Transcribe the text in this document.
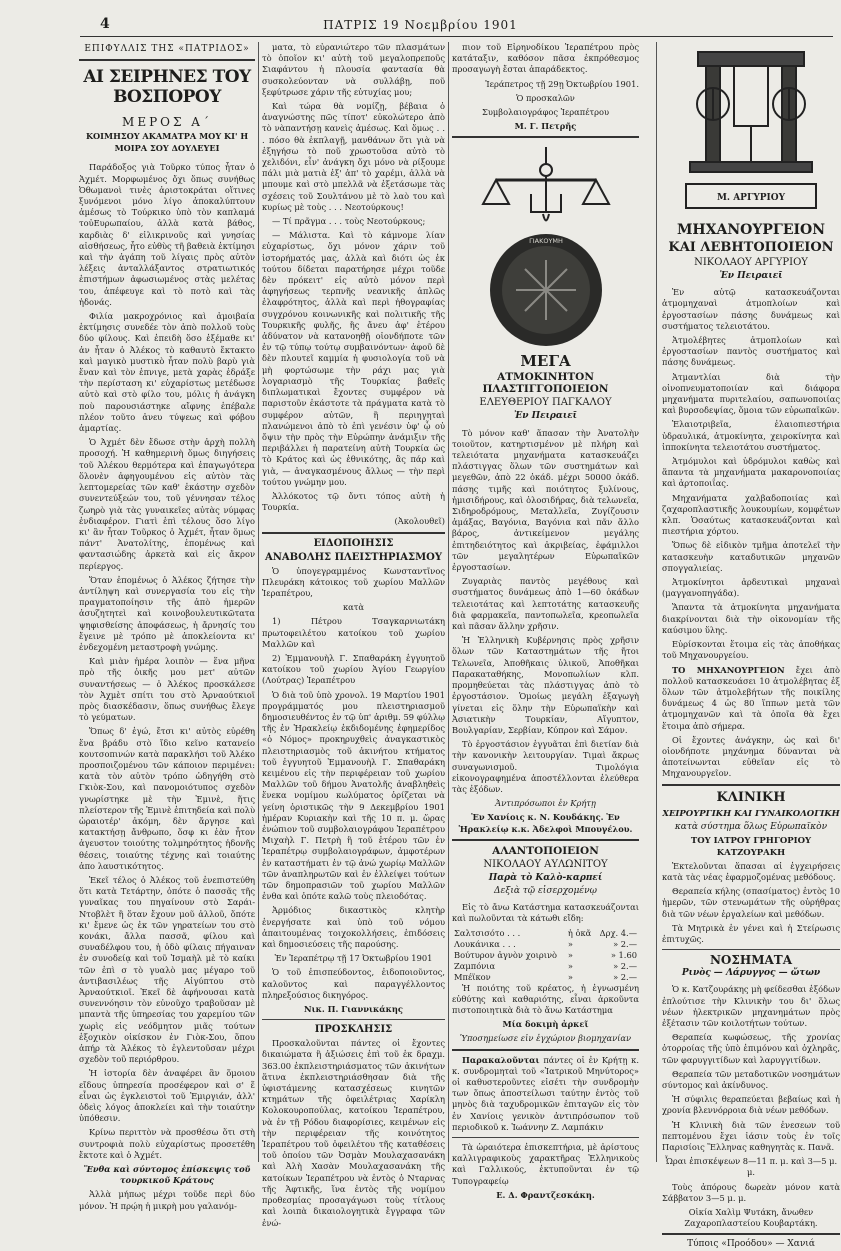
4	ΠΑΤΡΙΣ 19 Νοεμβρίου 1901
ΕΠΙΦΥΛΛΙΣ ΤΗΣ «ΠΑΤΡΙΔΟΣ»
ΑΙ ΣΕΙΡΗΝΕΣ ΤΟΥ ΒΟΣΠΟΡΟΥ
ΜΕΡΟΣ Α΄
ΚΟΙΜΗΣΟΥ ΑΚΑΜΑΤΡΑ ΜΟΥ ΚΙ' Η ΜΟΙΡΑ ΣΟΥ ΔΟΥΛΕΥΕΙ

Παράδοξος γιὰ Τοῦρκο τύπος ἦταν ὁ Ἀχμέτ. Μορφωμένος ὄχι ὅπως συνήθως Ὀθωμανοὶ τινὲς ἀριστοκράται οἵτινες ξυνόμενοι μόνο λίγο ἀποκαλύπτουν ἀμέσως τὸ Τούρκικο ὑπὸ τὸν καπλαμά τοὐΕυρωπαίου, ἀλλὰ κατὰ βάθος, καρδιὰς δ' εἰλικρινοῦς καὶ γνησίας αἰσθήσεως, ἦτο εὐθὺς τῆ βαθειὰ ἐκτίμησι καὶ τὴν ἀγάπη τοῦ λίγαις πρὸς αὐτὸν λέξεις ἀνταλλάξαντος στρατιωτικός ἐπιστήμων ἀφωσιωμένος στὰς μελέτας του, ἀπέφευγε καὶ τὸ ποτὸ καὶ τὰς ἡδονάς.

Φιλία μακροχρόνιος καὶ ἀμοιβαία ἐκτίμησις συνεδέε τὸν ἀπὸ πολλοῦ τοὺς δύο φίλους. Καὶ ἐπειδὴ ὅσο ἐξέμαθε κι' ἀν ἦταν ὁ Ἀλέκος τὸ καθαυτὸ ἔκτακτο καὶ μαγικὸ μυστικὸ ἦταν πολὺ βαρὺ γιὰ ἕναν καὶ τὸν ἐπνιγε, μετὰ χαρὰς ἐδράξε τὴν περίσταση κι' εὐχαρίστως μετέδωσε αὐτὸ καὶ στὸ φίλο του, μόλις ἡ ἀνάγκη ποὺ παρουσιάστηκε αἴφνης ἐπέβαλε πλέον τοῦτο ἀνευ τύψεως καὶ φόβου ἀμαρτίας.

Ὁ Ἀχμέτ δὲν ἔδωσε στὴν ἀρχὴ πολλὴ προσοχή. Ἡ καθημερινὴ ὅμως διηγήσεις τοῦ Ἀλέκου θερμότερα καὶ ἐπαγωγότερα ὅλονὲν ἀφηγουμένου εἰς αὐτὸν τὰς λεπτομερείας τῶν καθ' ἑκάστην σχεδὸν συνεντεύξεών του, τοῦ γέννησαν τέλος ζωηρὸ γιὰ τὰς γυναικεῖες αὐτὰς νύμφας ἐνδιαφέρον. Γιατὶ ἐπὶ τέλους ὅσο λίγο κι' ἂν ἦταν Τοῦρκος ὁ Ἀχμέτ, ἦταν ὅμως πάντ' Ἀνατολίτης, ἑπομένως καὶ φαντασιώδης ἀρκετὰ καὶ εἰς ἄκρον περίεργος.

Ὅταν ἐπομένως ὁ Ἀλέκος ζήτησε τὴν ἀντίληψη καὶ συνεργασία του εἰς τὴν πραγματοποίησιν τῆς ἀπὸ ἡμερῶν ἀσυζητητεὶ καὶ κοινοβουλευτικῶτατα ψηφισθείσης ἀποφάσεως, ἡ ἄρνησίς του ἔγεινε μὲ τρόπο μὲ ἀποκλείοντα κι' ἐνδεχομένη μεταστροφὴ γνώμης.

Καὶ μιὰν ἡμέρα λοιπὸν — ἕνα μῆνα πρὸ τῆς ὁικῆς μου μετ' αὐτῶν συναντήσεως — ὁ Ἀλέκος προσκάλεσε τὸν Ἀχμὲτ σπίτι του στὸ Ἀρναούτκιοϊ πρὸς διασκέδασιν, ὅπως συνήθως ἔλεγε τὸ γεύματων.

Ὅπως δ' ἐγώ, ἔτσι κι' αὐτὸς εὑρέθη ἕνα βράδυ στὸ ἴδιο κεῖνο κατανείο κουτσοπινών κατὰ παρακλήσι τοῦ Ἀλέκο προσποιζομένου τῶν κάποιον περιμένει: κατὰ τὸν αὐτὸν τρόπο ὡδηγήθη στὸ Γκιὸκ-Σου, καὶ πανομοιότυπος σχεδὸν γνωρίστηκε μὲ τὴν Ἐμινὲ, ἥτις πλείστερον τῆς Ἐμινὲ ἐπιτηδεία καὶ πολὺ ὡραιοτέρ' ἀκόμη, δὲν ἄργησε καὶ κατακτήσῃ ἄνθρωπο, ὅσφ κι ἐὰν ἦτον ἀγευστον τοιούτης τολμηρότητος ἡδονῆς θέσεις, τοιαύτης τέχνης καὶ τοιαύτης ἀπο λαυστικότητος.

Ἐκεῖ τέλος ὁ Ἀλέκος τοῦ ἐνεπιστεύθη ὅτι κατὰ Τετάρτην, ὁπότε ὁ πασσᾶς τῆς γυναῖκας του πηγαίνουν στὸ Σαράι-Ντοβλὲτ ἢ ὅταν ἔχουν μοῦ ἀλλοῦ, ὅπότε κι' ἔμενε ὡς ἐκ τῶν γηρατείων του στὸ κονάκι, ἄλλα πασσᾶ, φίλου καὶ συναδέλφου του, ἡ ὁδὸ φίλαις πήγαιναν ἐν συνοδείᾳ καὶ τοῦ Ἰσμαὴλ μὲ τὸ καίκι τῶν ἐπὶ σ τὸ γυαλὸ μας μέγαρο τοῦ ἀντιβασιλέως τῆς Αἰγύπτου στὸ Ἀρναούτκιοϊ. Ἐκεῖ δὲ ἀφήνουσαι κατὰ συνεννόησιν τὸν εὐνοῦχο τραβοῦσαν μὲ μπαντὰ τῆς ὑπηρεσίας του χαρεμίου τῶν χωρὶς εἰς νεόδμητον μιᾶς τούτων ἐξοχικὸν οἰκίσκον ἐν Γιὸκ-Σου, ὅπου ἀπήρ τὰ Ἀλέκος τὸ ἐγλεντοῦσαν μέχρι σχεδὸν τοῦ περιόρθρου.

Ἡ ἱστορία δὲν ἀναφέρει ἂν ὅμοιου εἴδους ὑπηρεσία προσέφερον καὶ σ' ἕ εἶναι ὡς ἐγκλειστοὶ τοῦ Ἐμιργιάν, ἀλλ' ὁδεὶς λόγος ἀποκλείει καὶ τὴν τοιαύτην ὑπόθεσιν.

Κρίνω περιττὸν νὰ προσθέσω ὅτι στὴ συντροφιὰ πολὺ εὐχαρίστως προσετέθη ἔκτοτε καὶ ὁ Ἀχμέτ.

Ἕνθα καὶ σύντομος ἐπίσκεψις τοῦ τουρκικοῦ Κράτους

Ἀλλὰ μήπως μέχρι τοῦδε περὶ δύο μόνον. Ἡ πρῴη ἡ μικρὴ μου γαλανόμ-

ματα, τὸ εὐρανιώτερο τῶν πλασμάτων τὸ ὁποῖον κι' αὐτὴ τοῦ μεγαλοπρεποῦς Σιαφάντου ἡ πλουσία φαντασία θὰ συσκολεύονταν νὰ συλλάβῃ, ποῦ ξεφύτρωσε χάριν τῆς εὐτυχίας μου;

Καὶ τώρα θὰ νομίζῃ, βέβαια ὁ ἀναγνώστης πῶς τίποτ' εὐκολώτερο ἀπὸ τὸ νὰπαντήσῃ κανεὶς ἀμέσως. Καὶ ὅμως . . . πόσο θὰ ἐκπλαγῇ, μανθάνων ὅτι γιὰ νὰ ἐξηγήσω τὸ ποῦ χρωστοῦσα αὐτὸ τὸ χελιδόνι, εἶν' ἀνάγκη ὄχι μόνο νὰ ρίξουμε πάλι μιὰ ματιὰ ἐξ' ἀπ' τὸ χαρέμι, ἀλλὰ νὰ μπουμε καὶ στὸ μπελλᾶ νὰ ἐξετάσωμε τὰς σχέσεις τοῦ Σουλτάνου μὲ τὸ λαὸ του καὶ κυρίως μὲ τοὺς . . . Νεοτούρκους!

— Τί πρᾶγμα . . . τοὺς Νεοτούρκους;

— Μάλιστα. Καὶ τὸ κάμνομε λίαν εὐχαρίστως, ὄχι μόνον χάριν τοῦ ἱστορήματός μας, ἀλλὰ καὶ διότι ὡς ἐκ τούτου δίδεται παρατήρησε μέχρι τοῦδε δὲν πρόκειτ' εἰς αὐτὸ μόνον περὶ ἀφηγήσεως τερπνῆς νεανικῆς ἁπλῶς ἐλαφρότητος, ἀλλὰ καὶ περὶ ἠθογραφίας συγχρόνου κοινωνικῆς καὶ πολιτικῆς τῆς Τουρκικῆς φυλῆς, ἢς ἄνευ ἀφ' ἑτέρου ἀδύνατον νὰ κατανοηθῇ οἰονδήποτε τῶν ἐν τῷ τύπῳ τούτῳ συμβαινόντων· ἀφοῦ δὲ δὲν πλουτεῖ καμμία ἡ φυσιολογία τοῦ νὰ μὴ φορτώσωμε τὴν ράχι μας γιὰ λογαριασμὸ τῆς Τουρκίας βαθεῖς διπλωματικαὶ ἔχοντες συμφέρον νὰ παριστοῦν ἐκάστοτε τὰ πράγματα κατὰ τὸ συμφέρον αὐτῶν, ἢ περιηγηταὶ πλανώμενοι ἀπὸ τὸ ἐπὶ γενέσιν ὑφ' ᾧ οὐ ὄψιν τὴν πρὸς τὴν Εὐρώπην ἀνάμιξιν τῆς περιβάλλει ἡ παρατείνη αὐτὴ Τουρκία ὡς τὸ Κράτος καὶ ὡς ἐθνικότης, ἂς πάρ καὶ γιὰ, — ἀναγκασμένους ἄλλως — τὴν περὶ τούτου γνώμην μου.

Ἀλλόκοτος τῷ ὄντι τόπος αὐτὴ ἡ Τουρκία.

(Ἀκολουθεῖ)

ΕΙΔΟΠΟΙΗΣΙΣ
ΑΝΑΒΟΛΗΣ ΠΛΕΙΣΤΗΡΙΑΣΜΟΥ

Ὁ ὑπογεγραμμένος Κωνσταντῖνος Πλευράκη κάτοικος τοῦ χωρίου Μαλλῶν Ἱεραπέτρου,

κατὰ

1) Πέτρου Τσαγκαρνιωτάκη πρωτοφειλέτου κατοίκου τοῦ χωρίου Μαλλῶν καὶ

2) Ἐμμανουὴλ Γ. Σπαθαράκη ἐγγυητοῦ κατοίκου τοῦ χωρίου Ἁγίου Γεωργίου (Λούτρας) Ἱεραπέτρου

Ὁ διὰ τοῦ ὑπὸ χρονολ. 19 Μαρτίου 1901 προγράμματός μου πλειστηριασμοῦ δημοσιευθέντος ἐν τῷ ὑπ' ἀριθμ. 59 φύλλῳ τῆς ἐν Ἡρακλείῳ ἐκδιδομένης ἐφημερίδος «ὁ Νόμος» προκηρυχθεὶς ἀναγκαστικὸς πλειστηριασμὸς τοῦ ἀκινήτου κτήματος τοῦ ἐγγυητοῦ Ἐμμανουὴλ Γ. Σπαθαράκη κειμένου εἰς τὴν περιφέρειαν τοῦ χωρίου Μαλλῶν τοῦ δήμου Ἀνατολῆς ἀναβληθεὶς ἕνεκα νομίμου κωλύματος ὁρίζεται νὰ γείνη ὁριστικῶς τὴν 9 Δεκεμβρίου 1901 ἡμέραν Κυριακὴν καὶ τῆς 10 π. μ. ὥρας ἐνώπιον τοῦ συμβολαιογράφου Ἱεραπέτρου Μιχαὴλ Γ. Πετρὴ ἢ τοῦ ἑτέρου τῶν ἐν Ἱεραπέτρῳ συμβολαιογράφων, ἀμφοτέρων ἐν καταστήματι ἐν τῷ ἀνώ χωρίῳ Μαλλῶν τῶν ἀναπληρωτῶν καὶ ἐν ἐλλείψει τούτων τῶν δημοπρασιῶν τοῦ χωρίου Μαλλῶν ἐνθα καὶ ὁπότε καλῶ τοὺς πλειοδότας.

Ἀρμόδιος δικαστικὸς κλητὴρ ἐνεργήσατε καὶ ὑπὸ τοῦ νόμου ἀπαιτουμένας τοιχοκολλήσεις, ἐπιδόσεις καὶ δημοσιεύσεις τῆς παρούσης.

Ἐν Ἱεραπέτρῳ τῇ 17 Ὀκτωβρίου 1901

Ὁ τοῦ ἐπισπεύδοντος, ἐιδοποιοῦντος, καλοῦντος καὶ παραγγέλλοντος πληρεξούσιος δικηγόρος.

Νικ. Π. Γιαννικάκης

ΠΡΟΣΚΛΗΣΙΣ

Προσκαλοῦνται πάντες οἱ ἔχοντες δικαιώματα ἢ ἀξιώσεις ἐπὶ τοῦ ἐκ δραχμ. 363.00 ἐκπλειστηριάσματος τῶν ἀκινήτων ἅτινα ἐκπλειστηριάσθησαν διὰ τῆς ὑφιστάμενης κατασχέσεως κινητῶν κτημάτων τῆς ὀφειλέτριας Χαρίκλη Κολοκουροπούλας, κατοίκου Ἱεραπέτρου, νὰ ἐν τῇ Ρόδου διαφορίσιες, κειμένων εἰς τὴν περιφέρειαν τῆς κοινότητος Ἱεραπέτρου τοῦ ὀφειλέτου τῆς καταθέσεις τοῦ ὁποίου τῶν Ὀσμὰν Μουλαχασανάκη καὶ Ἀλὴ Χασὰν Μουλαχασανάκη τῆς κατοίκων Ἱεραπέτρου νὰ ἐντὸς ὁ Νταρνας τῆς Ἀφτικῆς, ἵνα ἐντὸς τῆς νομίμου προθεσμίας προσαγάγωσι τοὺς τίτλους καὶ λοιπὰ δικαιολογητικὰ ἔγγραφα τῶν ἐνώ-

πιον τοῦ Εἰρηνοδίκου Ἱεραπέτρου πρὸς κατάταξιν, καθόσον πᾶσα ἐκπρόθεσμος προσαγωγὴ ἔσται ἀπαράδεκτος.

Ἱεράπετρος τῇ 29ῃ Ὀκτωβρίου 1901.

Ὁ προσκαλῶν

Συμβολαιογράφος Ἱεραπέτρου

Μ. Γ. Πετρῆς

ΓΙΑΚΟΥΜΗ
ΜΕΓΑ
ΑΤΜΟΚΙΝΗΤΟΝ ΠΛΑΣΤΙΓΓΟΠΟΙΕΙΟΝ
ΕΛΕΥΘΕΡΙΟΥ ΠΑΓΚΑΛΟΥ
Ἐν Πειραιεῖ

Τὸ μόνον καθ' ἅπασαν τὴν Ἀνατολὴν τοιοῦτον, κατηρτισμένον μὲ πλήρη καὶ τελειότατα μηχανήματα κατασκευάζει πλάστιγγας ὅλων τῶν συστημάτων καὶ μεγεθῶν, ἀπὸ 22 ὀκάδ. μέχρι 50000 ὀκάδ. πάσης τιμῆς καὶ ποιότητος ξυλίνους, ἡμισιδήρους, καὶ ὁλοσιδήρας, διὰ τελωνεῖα, Σιδηροδρόμους, Μεταλλεῖα, Ζυγίζουσιν ἁμάξας, Βαγόνια, Βαγόνια καὶ πᾶν ἄλλο βάρος, ἀντικείμενον μεγάλης ἐπιτηδειότητος καὶ ἀκριβείας, ἐφάμιλλοι τῶν μεγαλητέρων Εὐρωπαϊκῶν ἐργοστασίων.

Ζυγαριὰς παντὸς μεγέθους καὶ συστήματος δυνάμεως ἀπὸ 1—60 ὀκάδων τελειοτάτας καὶ λεπτοτάτης κατασκευῆς διὰ φαρμακεῖα, παντοπωλεῖα, κρεοπωλεῖα καὶ πᾶσαν ἄλλην χρῆσιν.

Ἡ Ἑλληνικὴ Κυβέρνησις πρὸς χρῆσιν ὅλων τῶν Καταστημάτων τῆς ἤτοι Τελωνεῖα, Ἀποθῆκαις ὑλικοῦ, Ἀποθῆκαι Παρακαταθήκης, Μονοπωλίων κλπ. προμηθεύεται τὰς πλάστιγγας ἀπὸ τὸ ἐργοστάσιον. Ὁμοίως μεγάλη ἐξαγωγὴ γίνεται εἰς ὅλην τὴν Εὐρωπαϊκὴν καὶ Ἀσιατικὴν Τουρκίαν, Αἴγυπτον, Βουλγαρίαν, Σερβίαν, Κύπρον καὶ Σάμον.

Τὸ ἐργοστάσιον ἐγγυᾶται ἐπὶ διετίαν διὰ τὴν κανονικὴν λειτουργίαν. Τιμαὶ ἄκρως συναγωνισμοῦ. Τιμολόγια εἰκονογραφημένα ἀποστέλλονται ἐλεύθερα τὰς ἐξόδων.

Ἀντιπρόσωποι ἐν Κρήτῃ

Ἐν Χανίοις κ. Ν. Κουδάκης. Ἐν Ἡρακλείῳ κ.κ. Ἀδελφοὶ Μπουγέλου.

ΑΛΑΝΤΟΠΟΙΕΙΟΝ
ΝΙΚΟΛΑΟΥ ΑΥΛΩΝΙΤΟΥ
Παρὰ τὸ Καλὸ-καρπεί
Δεξιὰ τῷ εἰσερχομένῳ

Εἰς τὸ ἄνω Κατάστημα κατασκευάζονται καὶ πωλοῦνται τὰ κάτωθι εἴδη:

Σαλτσισότο . . .	ἡ ὀκᾶ	Δρχ. 4.—
Λουκάνικα . . .	»	» 2.—
Βούτυρον ἀγνὸν χοιρινὸ	»	» 1.60
Ζαμπόνια	»	» 2.—
Μπέϊκον	»	» 2.—

Ἡ ποιότης τοῦ κρέατος, ἡ ἐγνωσμένη εὐθύτης καὶ καθαριότης, εἶναι ἀρκοῦντα πιστοποιητικὰ διὰ τὸ ἄνω Κατάστημα

Μία δοκιμὴ ἀρκεῖ

Ὑποσημείωσε εἰν ἐγχώριον βιομηχανίαν

Παρακαλοῦνται πάντες οἱ ἐν Κρήτῃ κ. κ. συνδρομηταὶ τοῦ «Ἰατρικοῦ Μηνύτορος» οἱ καθυστεροῦντες εἰσέτι τὴν συνδρομὴν των ὅπως ἀποστείλωσι ταύτην ἐντὸς τοῦ μηνὸς διὰ ταχυδρομικῶν ἐπιταγῶν εἰς τὸν ἐν Χανίοις γενικὸν ἀντιπρόσωπον τοῦ περιοδικοῦ κ. Ἰωάννην Ζ. Λαμπάκιν

Τὰ ὡραιότερα ἐπισκεπτήρια, μὲ ἀρίστους καλλιγραφικοὺς χαρακτῆρας Ἑλληνικοὺς καὶ Γαλλικούς, ἐκτυποῦνται ἐν τῷ Τυπογραφείῳ

Ε. Δ. Φραντζεσκάκη.

Μ. ΑΡΓΥΡΙΟΥ
ΜΗΧΑΝΟΥΡΓΕΙΟΝ
ΚΑΙ ΛΕΒΗΤΟΠΟΙΕΙΟΝ
ΝΙΚΟΛΑΟΥ ΑΡΓΥΡΙΟΥ
Ἐν Πειραιεῖ

Ἐν αὐτῷ κατασκευάζονται ἀτμομηχαναὶ ἀτμοπλοίων καὶ ἐργοστασίων πάσης δυνάμεως καὶ συστήματος τελειοτάτου.

Ἀτμολέβητες ἀτμοπλοίων καὶ ἐργοστασίων παντὸς συστήματος καὶ πάσης δυνάμεως.

Ἀτμαντλίαι διὰ τὴν οἰνοπνευματοποιίαν καὶ διάφορα μηχανήματα πυριτελαίου, σαπωνοποιίας καὶ βυρσοδεψίας, ὅμοια τῶν εὐρωπαϊκῶν.

Ἐλαιοτριβεῖα, ἐλαιοπιεστήρια ὑδραυλικά, ἀτμοκίνητα, χειροκίνητα καὶ ἱπποκίνητα τελειοτάτου συστήματος.

Ἀτμόμυλοι καὶ ὑδρόμυλοι καθὼς καὶ ἅπαντα τὰ μηχανήματα μακαρονοποιίας καὶ ἀρτοποιΐας.

Μηχανήματα χαλβαδοποιίας καὶ ζαχαροπλαστικῆς λουκουμίων, κομφέτων κλπ. Ὁσαύτως κατασκευάζονται καὶ πιεστήρια χόρτου.

Ὅπως δὲ εἰδικὸν τμῆμα ἀποτελεῖ τὴν κατασκευὴν καταδυτικῶν μηχανῶν σπογγαλιείας.

Ἀτμοκίνητοι ἀρδευτικαὶ μηχαναὶ (μαγγανοπηγάδα).

Ἅπαντα τὰ ἀτμοκίνητα μηχανήματα διακρίνονται διὰ τὴν οἰκονομίαν τῆς καύσιμου ὕλης.

Εὑρίσκονται ἕτοιμα εἰς τὰς ἀποθήκας τοῦ Μηχανουργείου.

ΤΟ ΜΗΧΑΝΟΥΡΓΕΙΟΝ ἔχει ἀπὸ πολλοῦ κατασκευάσει 10 ἀτμολέβητας ἐξ ὅλων τῶν ἀτμολεβήτων τῆς ποικίλης δυνάμεως 4 ὡς 80 ἵππων μετὰ τῶν ἀτμομηχανῶν καὶ τὰ ὁποῖα θὰ ἔχει ἕτοιμα ἀπὸ σήμερα.

Οἱ ἔχοντες ἀνάγκην, ὡς καὶ δι' οἱονδήποτε μηχάνημα δύνανται νὰ ἀποτείνωνται εὐθεῖαν εἰς τὸ Μηχανουργεῖον.

ΚΛΙΝΙΚΗ
ΧΕΙΡΟΥΡΓΙΚΗ ΚΑΙ ΓΥΝΑΙΚΟΛΟΓΙΚΗ
κατὰ σύστημα ὅλως Εὐρωπαϊκὸν
ΤΟΥ ΙΑΤΡΟΥ ΓΡΗΓΟΡΙΟΥ ΚΑΤΖΟΥΡΑΚΗ

Ἐκτελοῦνται ἅπασαι αἱ ἐγχειρήσεις κατὰ τὰς νέας ἐφαρμοζομένας μεθόδους.

Θεραπεία κήλης (σπασίματος) ἐντὸς 10 ἡμερῶν, τῶν στενωμάτων τῆς οὐρήθρας διὰ τῶν νέων ἐργαλείων καὶ μεθόδων.

Τὰ Μητρικὰ ἐν γένει καὶ ἡ Στείρωσις ἐπιτυχῶς.

ΝΟΣΗΜΑΤΑ
Ρινὸς — Λάρυγγος — ὤτων

Ὁ κ. Κατζουράκης μὴ φείδεσθαι ἐξόδων ἐπλούτισε τὴν Κλινικὴν του δι' ὅλως νέων ἠλεκτρικῶν μηχανημάτων πρὸς ἐξέτασιν τῶν κοιλοτήτων τούτων.

Θεραπεία κωφώσεως, τῆς χρονίας ὀτορροίας τῆς ὑπὸ ἐπιμόνου καὶ ὀχληρᾶς, τῶν φαρυγγιτίδων καὶ λαρυγγιτίδων.

Θεραπεία τῶν μεταδοτικῶν νοσημάτων σύντομος καὶ ἀκίνδυνος.

Ἡ σύφιλις θεραπεύεται βεβαίως καὶ ἡ χρονία βλεννόρροια διὰ νέων μεθόδων.

Ἡ Κλινικὴ διὰ τῶν ἐνεσεων τοῦ πεπτομένου ἔχει ἰάσιν τοὺς ἐν τοῖς Παρισίοις Ἕλληνας καθηγητὰς κ. Πανᾶ.

Ὧραι ἐπισκέψεων 8—11 π. μ. καὶ 3—5 μ. μ.

Τοὺς ἀπόρους δωρεὰν μόνον κατὰ Σάββατον 3—5 μ. μ.

Οἰκία Χαλὶμ Ψυτάκη, ἄνωθεν Ζαχαροπλαστείου Κουβαρτάκη.

Τύποις «Προόδου» — Χανιά
